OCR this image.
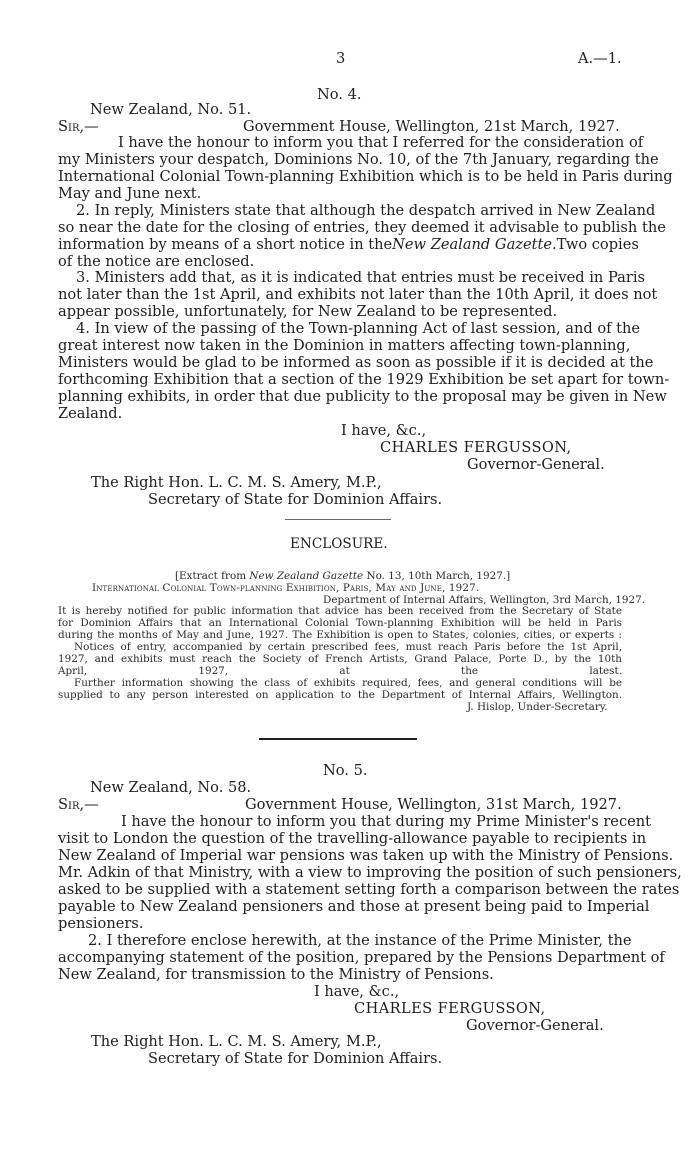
3	A.—1.
No. 4.
New Zealand, No. 51.
Sir,—	Government House, Wellington, 21st March, 1927.
I have the honour to inform you that I referred for the consideration of
my Ministers your despatch, Dominions No. 10, of the 7th January, regarding the
International Colonial Town-planning Exhibition which is to be held in Paris during
May and June next.
2. In reply, Ministers state that although the despatch arrived in New Zealand
so near the date for the closing of entries, they deemed it advisable to publish the
information by means of a short notice in the New Zealand Gazette. Two copies
of the notice are enclosed.
3. Ministers add that, as it is indicated that entries must be received in Paris
not later than the 1st April, and exhibits not later than the 10th April, it does not
appear possible, unfortunately, for New Zealand to be represented.
4. In view of the passing of the Town-planning Act of last session, and of the
great interest now taken in the Dominion in matters affecting town-planning,
Ministers would be glad to be informed as soon as possible if it is decided at the
forthcoming Exhibition that a section of the 1929 Exhibition be set apart for town-
planning exhibits, in order that due publicity to the proposal may be given in New
Zealand.
I have, &c.,
CHARLES FERGUSSON,
Governor-General.
The Right Hon. L. C. M. S. Amery, M.P.,
Secretary of State for Dominion Affairs.
ENCLOSURE.
[Extract from New Zealand Gazette No. 13, 10th March, 1927.]
International Colonial Town-planning Exhibition, Paris, May and June, 1927.
Department of Internal Affairs, Wellington, 3rd March, 1927.
It is hereby notified for public information that advice has been received from the Secretary of State
for Dominion Affairs that an International Colonial Town-planning Exhibition will be held in Paris
during the months of May and June, 1927. The Exhibition is open to States, colonies, cities, or experts :
Notices of entry, accompanied by certain prescribed fees, must reach Paris before the 1st April,
1927, and exhibits must reach the Society of French Artists, Grand Palace, Porte D., by the 10th
April, 1927, at the latest.
Further information showing the class of exhibits required, fees, and general conditions will be
supplied to any person interested on application to the Department of Internal Affairs, Wellington.
J. Hislop, Under-Secretary.
No. 5.
New Zealand, No. 58.
Sir,—	Government House, Wellington, 31st March, 1927.
I have the honour to inform you that during my Prime Minister's recent
visit to London the question of the travelling-allowance payable to recipients in
New Zealand of Imperial war pensions was taken up with the Ministry of Pensions.
Mr. Adkin of that Ministry, with a view to improving the position of such pensioners,
asked to be supplied with a statement setting forth a comparison between the rates
payable to New Zealand pensioners and those at present being paid to Imperial
pensioners.
2. I therefore enclose herewith, at the instance of the Prime Minister, the
accompanying statement of the position, prepared by the Pensions Department of
New Zealand, for transmission to the Ministry of Pensions.
I have, &c.,
CHARLES FERGUSSON,
Governor-General.
The Right Hon. L. C. M. S. Amery, M.P.,
Secretary of State for Dominion Affairs.
